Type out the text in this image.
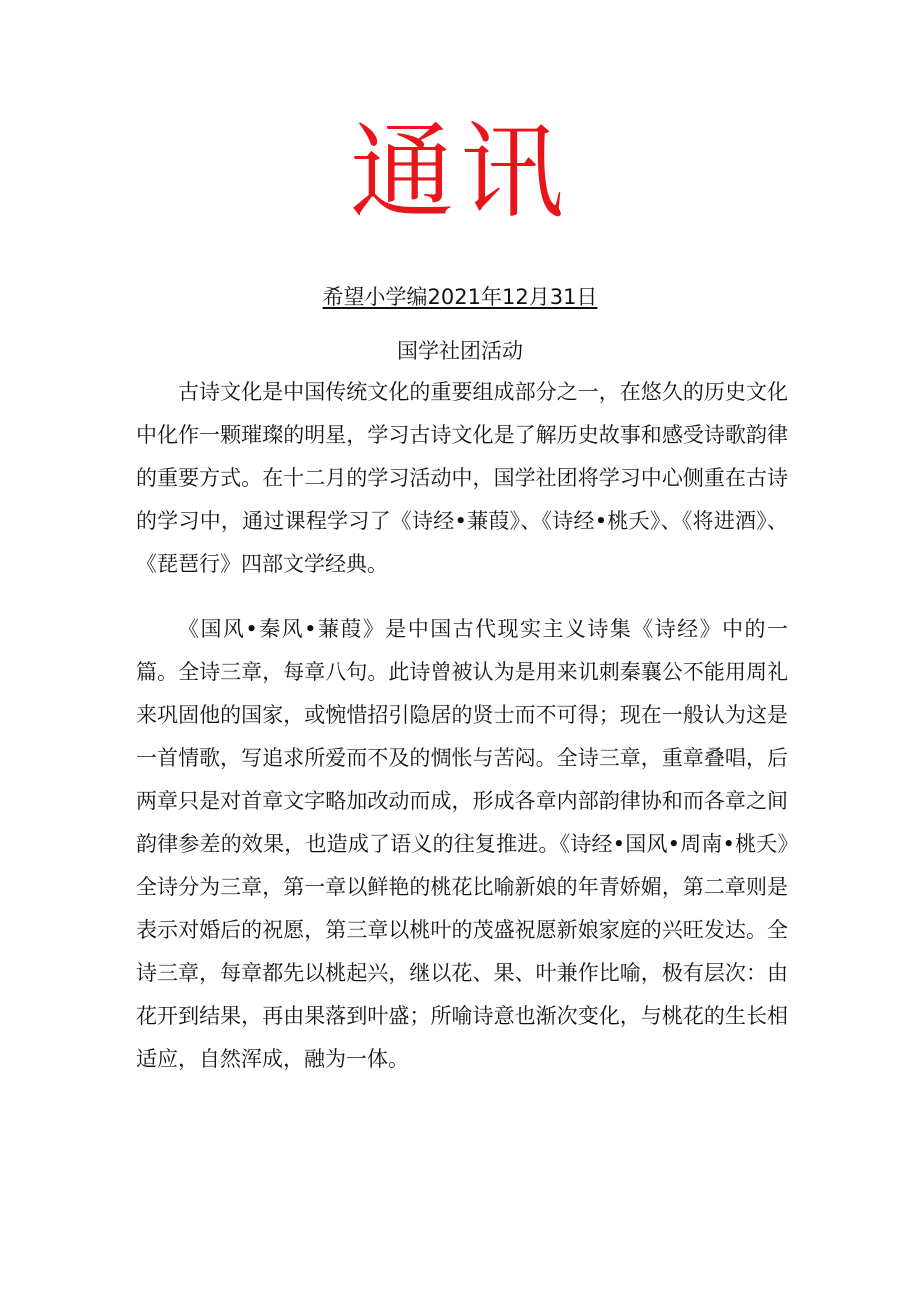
通讯
希望小学编2021年12月31日
国学社团活动

古诗文化是中国传统文化的重要组成部分之一，在悠久的历史文化中化作一颗璀璨的明星，学习古诗文化是了解历史故事和感受诗歌韵律的重要方式。在十二月的学习活动中，国学社团将学习中心侧重在古诗的学习中，通过课程学习了《诗经•蒹葭》、《诗经•桃夭》、《将进酒》、《琵琶行》四部文学经典。

《国风•秦风•蒹葭》是中国古代现实主义诗集《诗经》中的一篇。全诗三章，每章八句。此诗曾被认为是用来讥刺秦襄公不能用周礼来巩固他的国家，或惋惜招引隐居的贤士而不可得；现在一般认为这是一首情歌，写追求所爱而不及的惆怅与苦闷。全诗三章，重章叠唱，后两章只是对首章文字略加改动而成，形成各章内部韵律协和而各章之间韵律参差的效果，也造成了语义的往复推进。《诗经•国风•周南•桃夭》全诗分为三章，第一章以鲜艳的桃花比喻新娘的年青娇媚，第二章则是表示对婚后的祝愿，第三章以桃叶的茂盛祝愿新娘家庭的兴旺发达。全诗三章，每章都先以桃起兴，继以花、果、叶兼作比喻，极有层次：由花开到结果，再由果落到叶盛；所喻诗意也渐次变化，与桃花的生长相适应，自然浑成，融为一体。
